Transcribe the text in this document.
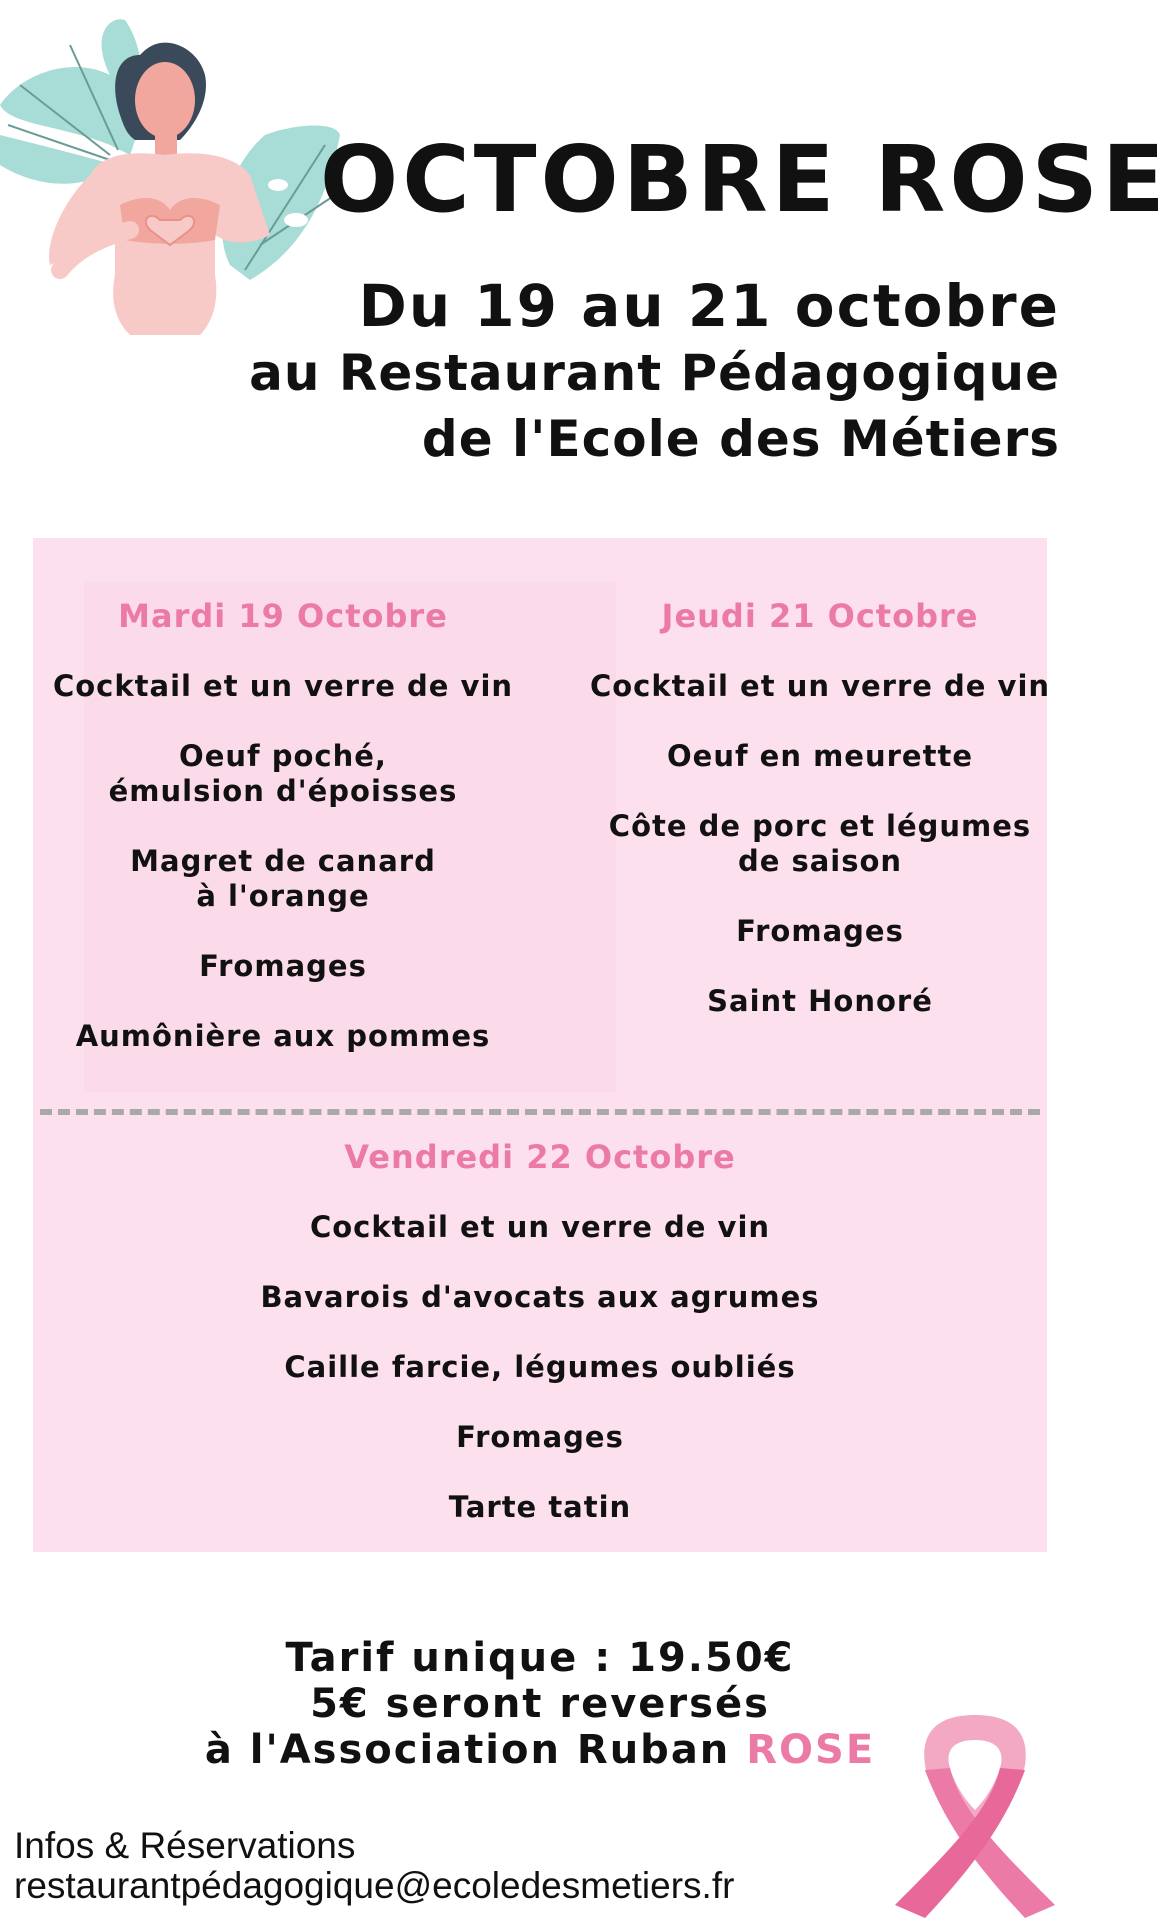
OCTOBRE ROSE
Du 19 au 21 octobre
au Restaurant Pédagogique
de l'Ecole des Métiers
Mardi 19 Octobre
Cocktail et un verre de vin
Oeuf poché, émulsion d'époisses
Magret de canard à l'orange
Fromages
Aumônière aux pommes
Jeudi 21 Octobre
Cocktail et un verre de vin
Oeuf en meurette
Côte de porc et légumes de saison
Fromages
Saint Honoré
Vendredi 22 Octobre
Cocktail et un verre de vin
Bavarois d'avocats aux agrumes
Caille farcie, légumes oubliés
Fromages
Tarte tatin
Tarif unique : 19.50€
5€ seront reversés
à l'Association Ruban ROSE
Infos & Réservations
restaurantpédagogique@ecoledesmetiers.fr
